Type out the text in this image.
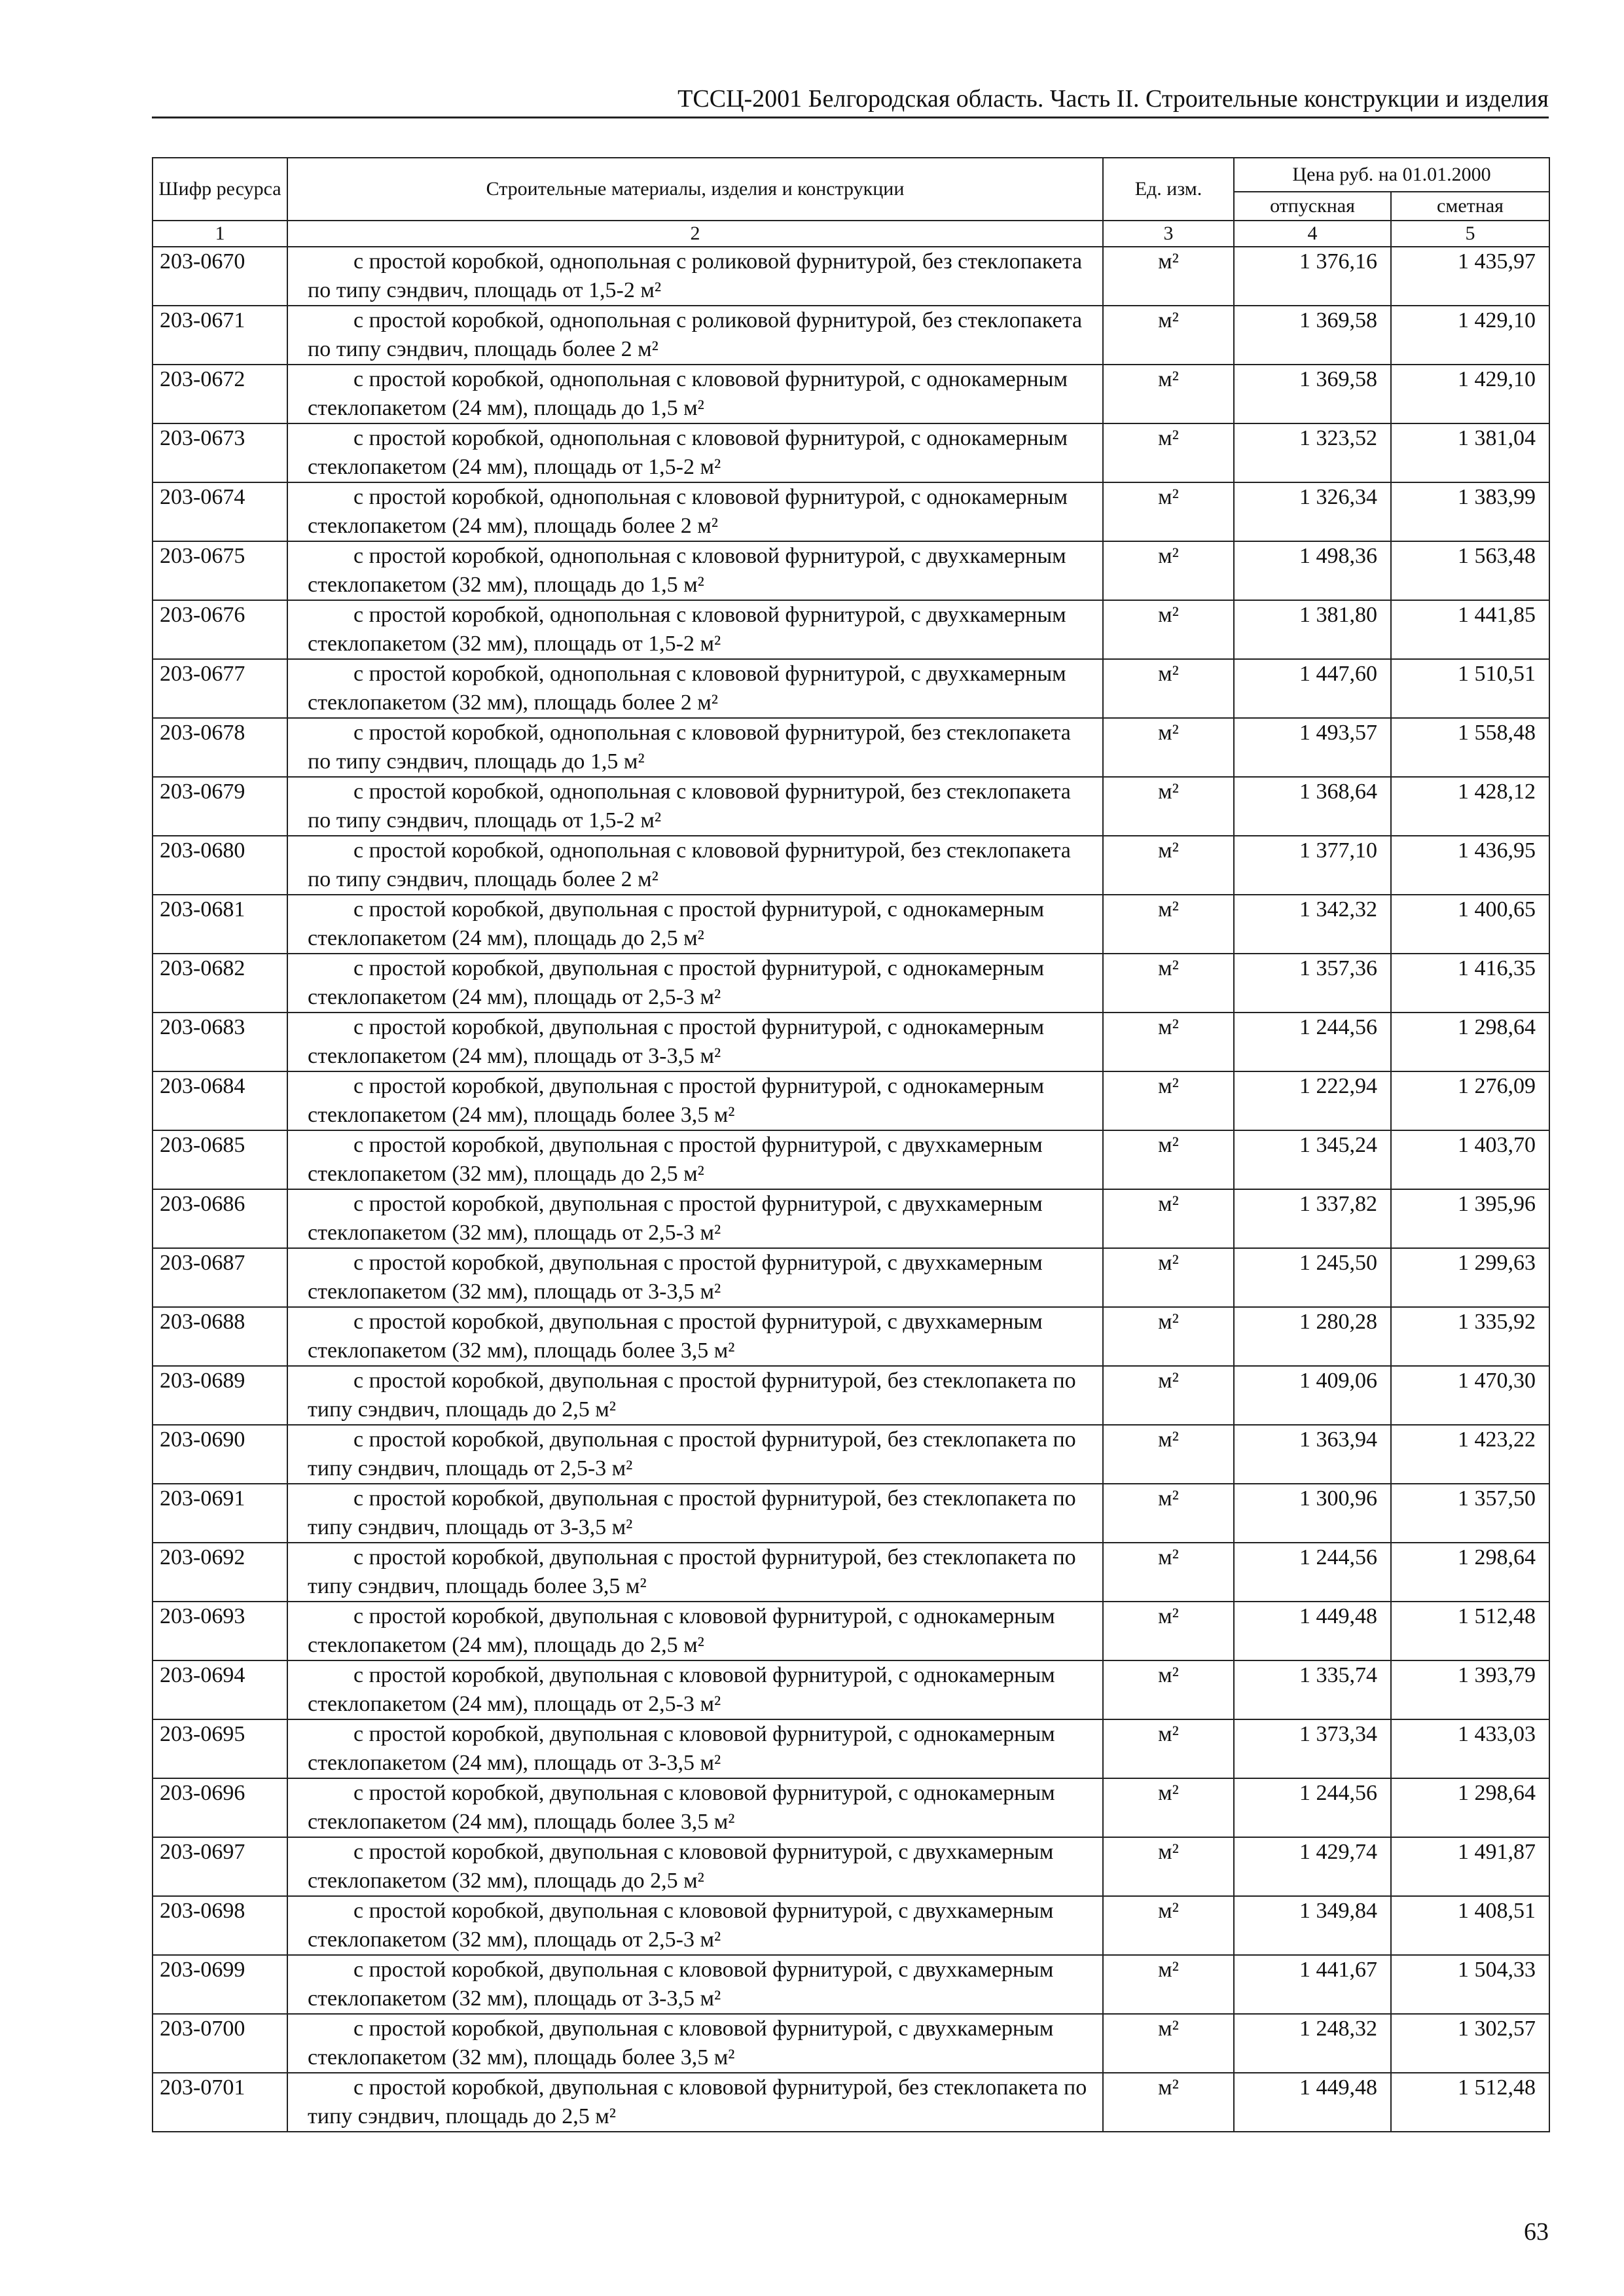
ТССЦ-2001 Белгородская область. Часть II. Строительные конструкции и изделия
Шифр ресурса	Строительные материалы, изделия и конструкции	Ед. изм.	Цена руб. на 01.01.2000	
			отпускная	сметная
1	2	3	4	5
203-0670	с простой коробкой, однопольная с роликовой фурнитурой, без стеклопакета по типу сэндвич, площадь от 1,5-2 м²	м²	1 376,16	1 435,97
203-0671	с простой коробкой, однопольная с роликовой фурнитурой, без стеклопакета по типу сэндвич, площадь более 2 м²	м²	1 369,58	1 429,10
203-0672	с простой коробкой, однопольная с клововой фурнитурой, с однокамерным стеклопакетом (24 мм), площадь до 1,5 м²	м²	1 369,58	1 429,10
203-0673	с простой коробкой, однопольная с клововой фурнитурой, с однокамерным стеклопакетом (24 мм), площадь от 1,5-2 м²	м²	1 323,52	1 381,04
203-0674	с простой коробкой, однопольная с клововой фурнитурой, с однокамерным стеклопакетом (24 мм), площадь более 2 м²	м²	1 326,34	1 383,99
203-0675	с простой коробкой, однопольная с клововой фурнитурой, с двухкамерным стеклопакетом (32 мм), площадь до 1,5 м²	м²	1 498,36	1 563,48
203-0676	с простой коробкой, однопольная с клововой фурнитурой, с двухкамерным стеклопакетом (32 мм), площадь от 1,5-2 м²	м²	1 381,80	1 441,85
203-0677	с простой коробкой, однопольная с клововой фурнитурой, с двухкамерным стеклопакетом (32 мм), площадь более 2 м²	м²	1 447,60	1 510,51
203-0678	с простой коробкой, однопольная с клововой фурнитурой, без стеклопакета по типу сэндвич, площадь до 1,5 м²	м²	1 493,57	1 558,48
203-0679	с простой коробкой, однопольная с клововой фурнитурой, без стеклопакета по типу сэндвич, площадь от 1,5-2 м²	м²	1 368,64	1 428,12
203-0680	с простой коробкой, однопольная с клововой фурнитурой, без стеклопакета по типу сэндвич, площадь более 2 м²	м²	1 377,10	1 436,95
203-0681	с простой коробкой, двупольная с простой фурнитурой, с однокамерным стеклопакетом (24 мм), площадь до 2,5 м²	м²	1 342,32	1 400,65
203-0682	с простой коробкой, двупольная с простой фурнитурой, с однокамерным стеклопакетом (24 мм), площадь от 2,5-3 м²	м²	1 357,36	1 416,35
203-0683	с простой коробкой, двупольная с простой фурнитурой, с однокамерным стеклопакетом (24 мм), площадь от 3-3,5 м²	м²	1 244,56	1 298,64
203-0684	с простой коробкой, двупольная с простой фурнитурой, с однокамерным стеклопакетом (24 мм), площадь более 3,5 м²	м²	1 222,94	1 276,09
203-0685	с простой коробкой, двупольная с простой фурнитурой, с двухкамерным стеклопакетом (32 мм), площадь до 2,5 м²	м²	1 345,24	1 403,70
203-0686	с простой коробкой, двупольная с простой фурнитурой, с двухкамерным стеклопакетом (32 мм), площадь от 2,5-3 м²	м²	1 337,82	1 395,96
203-0687	с простой коробкой, двупольная с простой фурнитурой, с двухкамерным стеклопакетом (32 мм), площадь от 3-3,5 м²	м²	1 245,50	1 299,63
203-0688	с простой коробкой, двупольная с простой фурнитурой, с двухкамерным стеклопакетом (32 мм), площадь более 3,5 м²	м²	1 280,28	1 335,92
203-0689	с простой коробкой, двупольная с простой фурнитурой, без стеклопакета по типу сэндвич, площадь до 2,5 м²	м²	1 409,06	1 470,30
203-0690	с простой коробкой, двупольная с простой фурнитурой, без стеклопакета по типу сэндвич, площадь от 2,5-3 м²	м²	1 363,94	1 423,22
203-0691	с простой коробкой, двупольная с простой фурнитурой, без стеклопакета по типу сэндвич, площадь от 3-3,5 м²	м²	1 300,96	1 357,50
203-0692	с простой коробкой, двупольная с простой фурнитурой, без стеклопакета по типу сэндвич, площадь более 3,5 м²	м²	1 244,56	1 298,64
203-0693	с простой коробкой, двупольная с клововой фурнитурой, с однокамерным стеклопакетом (24 мм), площадь до 2,5 м²	м²	1 449,48	1 512,48
203-0694	с простой коробкой, двупольная с клововой фурнитурой, с однокамерным стеклопакетом (24 мм), площадь от 2,5-3 м²	м²	1 335,74	1 393,79
203-0695	с простой коробкой, двупольная с клововой фурнитурой, с однокамерным стеклопакетом (24 мм), площадь от 3-3,5 м²	м²	1 373,34	1 433,03
203-0696	с простой коробкой, двупольная с клововой фурнитурой, с однокамерным стеклопакетом (24 мм), площадь более 3,5 м²	м²	1 244,56	1 298,64
203-0697	с простой коробкой, двупольная с клововой фурнитурой, с двухкамерным стеклопакетом (32 мм), площадь до 2,5 м²	м²	1 429,74	1 491,87
203-0698	с простой коробкой, двупольная с клововой фурнитурой, с двухкамерным стеклопакетом (32 мм), площадь от 2,5-3 м²	м²	1 349,84	1 408,51
203-0699	с простой коробкой, двупольная с клововой фурнитурой, с двухкамерным стеклопакетом (32 мм), площадь от 3-3,5 м²	м²	1 441,67	1 504,33
203-0700	с простой коробкой, двупольная с клововой фурнитурой, с двухкамерным стеклопакетом (32 мм), площадь более 3,5 м²	м²	1 248,32	1 302,57
203-0701	с простой коробкой, двупольная с клововой фурнитурой, без стеклопакета по типу сэндвич, площадь до 2,5 м²	м²	1 449,48	1 512,48
63
